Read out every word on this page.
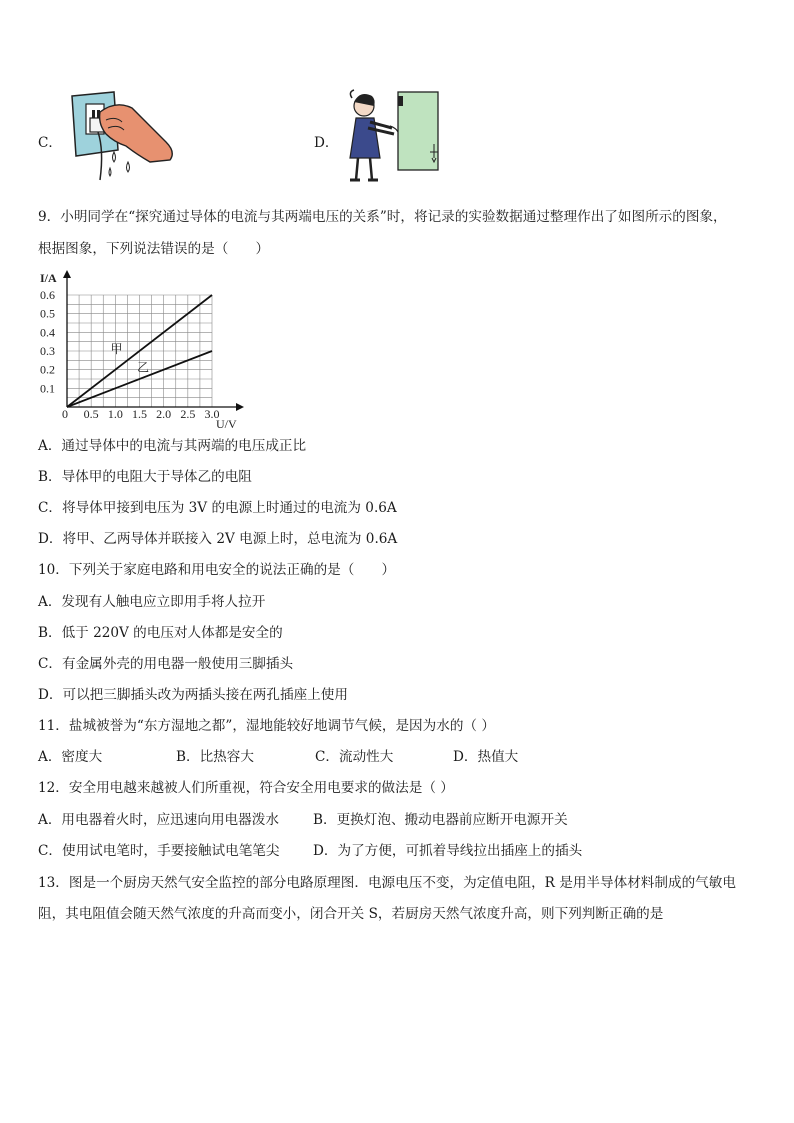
C．	D．
9．小明同学在“探究通过导体的电流与其两端电压的关系”时，将记录的实验数据通过整理作出了如图所示的图象，
根据图象，下列说法错误的是（　　）
0.1
0.2
0.3
0.4
0.5
0.6
0.5 1.0 1.5 2.0 2.5 3.0
0
I/A
U/V
甲
乙
A．通过导体中的电流与其两端的电压成正比
B．导体甲的电阻大于导体乙的电阻
C．将导体甲接到电压为 3V 的电源上时通过的电流为 0.6A
D．将甲、乙两导体并联接入 2V 电源上时，总电流为 0.6A
10．下列关于家庭电路和用电安全的说法正确的是（　　）
A．发现有人触电应立即用手将人拉开
B．低于 220V 的电压对人体都是安全的
C．有金属外壳的用电器一般使用三脚插头
D．可以把三脚插头改为两插头接在两孔插座上使用
11．盐城被誉为“东方湿地之都”，湿地能较好地调节气候，是因为水的（ ）
A．密度大	B．比热容大	C．流动性大	D．热值大
12．安全用电越来越被人们所重视，符合安全用电要求的做法是（ ）
A．用电器着火时，应迅速向用电器泼水	B．更换灯泡、搬动电器前应断开电源开关
C．使用试电笔时，手要接触试电笔笔尖 D．为了方便，可抓着导线拉出插座上的插头
13．图是一个厨房天然气安全监控的部分电路原理图．电源电压不变，为定值电阻，R 是用半导体材料制成的气敏电
阻，其电阻值会随天然气浓度的升高而变小，闭合开关 S，若厨房天然气浓度升高，则下列判断正确的是
